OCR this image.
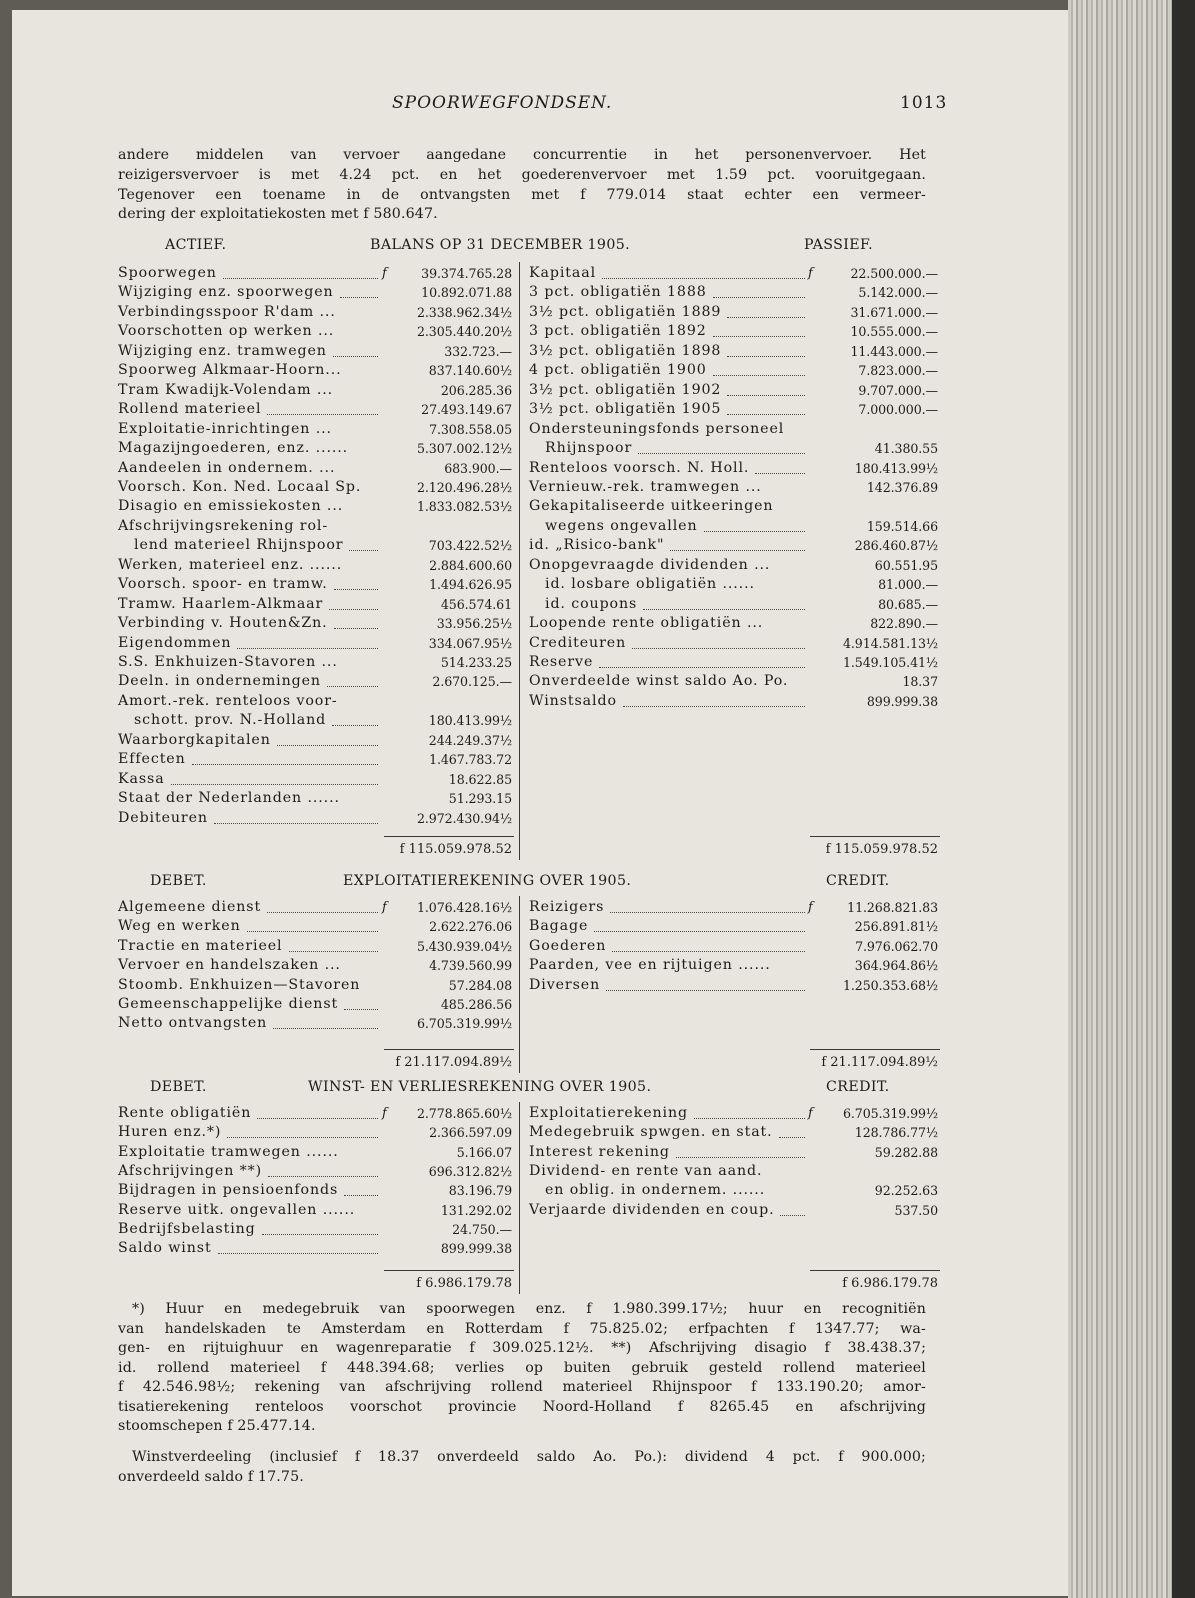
SPOORWEGFONDSEN.	1013
andere middelen van vervoer aangedane concurrentie in het personenvervoer. Het
reizigersvervoer is met 4.24 pct. en het goederenvervoer met 1.59 pct. vooruitgegaan.
Tegenover een toename in de ontvangsten met f 779.014 staat echter een vermeer-
dering der exploitatiekosten met f 580.647.
ACTIEF.	BALANS OP 31 DECEMBER 1905.	PASSIEF.
Spoorwegen	39.374.765.28
f
Wijziging enz. spoorwegen	10.892.071.88
Verbindingsspoor R'dam ...	2.338.962.34½
Voorschotten op werken ...	2.305.440.20½
Wijziging enz. tramwegen	332.723.—
Spoorweg Alkmaar-Hoorn...	837.140.60½
Tram Kwadijk-Volendam ...	206.285.36
Rollend materieel	27.493.149.67
Exploitatie-inrichtingen ...	7.308.558.05
Magazijngoederen, enz. ......	5.307.002.12½
Aandeelen in ondernem. ...	683.900.—
Voorsch. Kon. Ned. Locaal Sp.	2.120.496.28½
Disagio en emissiekosten ...	1.833.082.53½
Afschrijvingsrekening rol-
lend materieel Rhijnspoor	703.422.52½
Werken, materieel enz. ......	2.884.600.60
Voorsch. spoor- en tramw.	1.494.626.95
Tramw. Haarlem-Alkmaar	456.574.61
Verbinding v. Houten&Zn.	33.956.25½
Eigendommen	334.067.95½
S.S. Enkhuizen-Stavoren ...	514.233.25
Deeln. in ondernemingen	2.670.125.—
Amort.-rek. renteloos voor-
schott. prov. N.-Holland	180.413.99½
Waarborgkapitalen	244.249.37½
Effecten	1.467.783.72
Kassa	18.622.85
Staat der Nederlanden ......	51.293.15
Debiteuren	2.972.430.94½
Kapitaal	22.500.000.—
f
3 pct. obligatiën 1888	5.142.000.—
3½ pct. obligatiën 1889	31.671.000.—
3 pct. obligatiën 1892	10.555.000.—
3½ pct. obligatiën 1898	11.443.000.—
4 pct. obligatiën 1900	7.823.000.—
3½ pct. obligatiën 1902	9.707.000.—
3½ pct. obligatiën 1905	7.000.000.—
Ondersteuningsfonds personeel
Rhijnspoor	41.380.55
Renteloos voorsch. N. Holl.	180.413.99½
Vernieuw.-rek. tramwegen ...	142.376.89
Gekapitaliseerde uitkeeringen
wegens ongevallen	159.514.66
id. „Risico-bank"	286.460.87½
Onopgevraagde dividenden ...	60.551.95
id. losbare obligatiën ......	81.000.—
id. coupons	80.685.—
Loopende rente obligatiën ...	822.890.—
Crediteuren	4.914.581.13½
Reserve	1.549.105.41½
Onverdeelde winst saldo Ao. Po.	18.37
Winstsaldo	899.999.38
f 115.059.978.52	f 115.059.978.52
DEBET.	EXPLOITATIEREKENING OVER 1905.	CREDIT.
Algemeene dienst	1.076.428.16½
f
Weg en werken	2.622.276.06
Tractie en materieel	5.430.939.04½
Vervoer en handelszaken ...	4.739.560.99
Stoomb. Enkhuizen—Stavoren	57.284.08
Gemeenschappelijke dienst	485.286.56
Netto ontvangsten	6.705.319.99½
Reizigers	11.268.821.83
f
Bagage	256.891.81½
Goederen	7.976.062.70
Paarden, vee en rijtuigen ......	364.964.86½
Diversen	1.250.353.68½
f 21.117.094.89½	f 21.117.094.89½
DEBET.	WINST- EN VERLIESREKENING OVER 1905.	CREDIT.
Rente obligatiën	2.778.865.60½
f
Huren enz.*)	2.366.597.09
Exploitatie tramwegen ......	5.166.07
Afschrijvingen **)	696.312.82½
Bijdragen in pensioenfonds	83.196.79
Reserve uitk. ongevallen ......	131.292.02
Bedrijfsbelasting	24.750.—
Saldo winst	899.999.38
Exploitatierekening	6.705.319.99½
f
Medegebruik spwgen. en stat.	128.786.77½
Interest rekening	59.282.88
Dividend- en rente van aand.
en oblig. in ondernem. ......	92.252.63
Verjaarde dividenden en coup.	537.50
f 6.986.179.78	f 6.986.179.78
*) Huur en medegebruik van spoorwegen enz. f 1.980.399.17½; huur en recognitiën
van handelskaden te Amsterdam en Rotterdam f 75.825.02; erfpachten f 1347.77; wa-
gen- en rijtuighuur en wagenreparatie f 309.025.12½. **) Afschrijving disagio f 38.438.37;
id. rollend materieel f 448.394.68; verlies op buiten gebruik gesteld rollend materieel
f 42.546.98½; rekening van afschrijving rollend materieel Rhijnspoor f 133.190.20; amor-
tisatierekening renteloos voorschot provincie Noord-Holland f 8265.45 en afschrijving
stoomschepen f 25.477.14.
Winstverdeeling (inclusief f 18.37 onverdeeld saldo Ao. Po.): dividend 4 pct. f 900.000;
onverdeeld saldo f 17.75.
